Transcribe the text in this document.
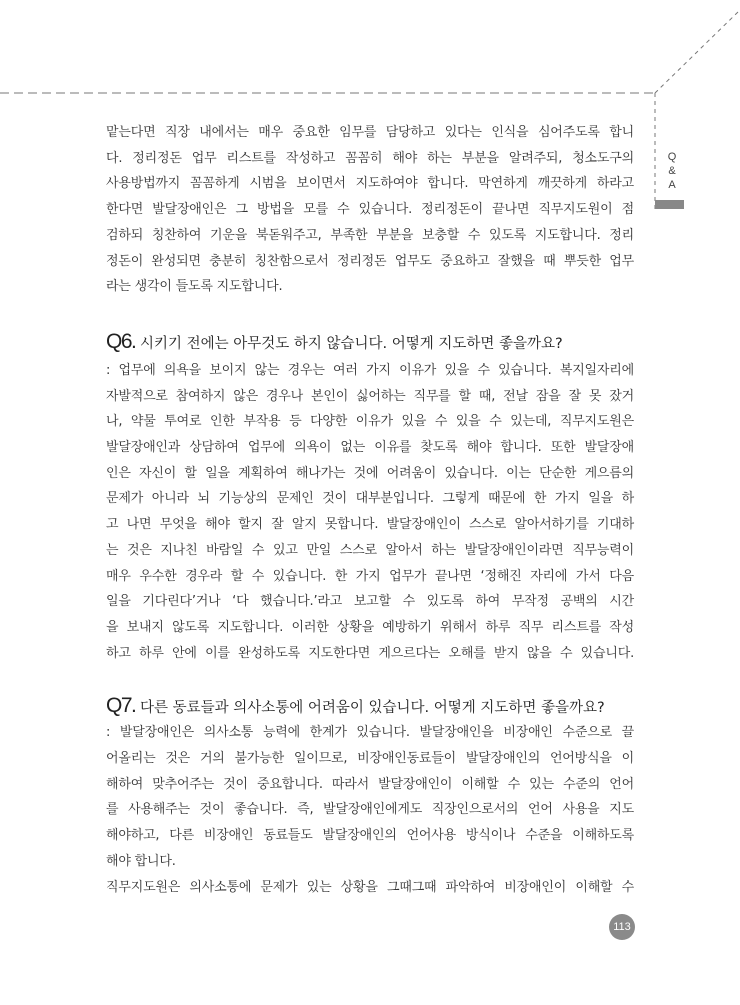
Q
&
A
맡는다면 직장 내에서는 매우 중요한 임무를 담당하고 있다는 인식을 심어주도록 합니
다. 정리정돈 업무 리스트를 작성하고 꼼꼼히 해야 하는 부분을 알려주되, 청소도구의
사용방법까지 꼼꼼하게 시범을 보이면서 지도하여야 합니다. 막연하게 깨끗하게 하라고
한다면 발달장애인은 그 방법을 모를 수 있습니다. 정리정돈이 끝나면 직무지도원이 점
검하되 칭찬하여 기운을 북돋워주고, 부족한 부분을 보충할 수 있도록 지도합니다. 정리
정돈이 완성되면 충분히 칭찬함으로서 정리정돈 업무도 중요하고 잘했을 때 뿌듯한 업무
라는 생각이 들도록 지도합니다.
Q6. 시키기 전에는 아무것도 하지 않습니다. 어떻게 지도하면 좋을까요?
: 업무에 의욕을 보이지 않는 경우는 여러 가지 이유가 있을 수 있습니다. 복지일자리에
자발적으로 참여하지 않은 경우나 본인이 싫어하는 직무를 할 때, 전날 잠을 잘 못 잤거
나, 약물 투여로 인한 부작용 등 다양한 이유가 있을 수 있을 수 있는데, 직무지도원은
발달장애인과 상담하여 업무에 의욕이 없는 이유를 찾도록 해야 합니다. 또한 발달장애
인은 자신이 할 일을 계획하여 해나가는 것에 어려움이 있습니다. 이는 단순한 게으름의
문제가 아니라 뇌 기능상의 문제인 것이 대부분입니다. 그렇게 때문에 한 가지 일을 하
고 나면 무엇을 해야 할지 잘 알지 못합니다. 발달장애인이 스스로 알아서하기를 기대하
는 것은 지나친 바람일 수 있고 만일 스스로 알아서 하는 발달장애인이라면 직무능력이
매우 우수한 경우라 할 수 있습니다. 한 가지 업무가 끝나면 ‘정해진 자리에 가서 다음
일을 기다린다’거나 ‘다 했습니다.’라고 보고할 수 있도록 하여 무작정 공백의 시간
을 보내지 않도록 지도합니다. 이러한 상황을 예방하기 위해서 하루 직무 리스트를 작성
하고 하루 안에 이를 완성하도록 지도한다면 게으르다는 오해를 받지 않을 수 있습니다.
Q7. 다른 동료들과 의사소통에 어려움이 있습니다. 어떻게 지도하면 좋을까요?
: 발달장애인은 의사소통 능력에 한계가 있습니다. 발달장애인을 비장애인 수준으로 끌
어올리는 것은 거의 불가능한 일이므로, 비장애인동료들이 발달장애인의 언어방식을 이
해하여 맞추어주는 것이 중요합니다. 따라서 발달장애인이 이해할 수 있는 수준의 언어
를 사용해주는 것이 좋습니다. 즉, 발달장애인에게도 직장인으로서의 언어 사용을 지도
해야하고, 다른 비장애인 동료들도 발달장애인의 언어사용 방식이나 수준을 이해하도록
해야 합니다.
직무지도원은 의사소통에 문제가 있는 상황을 그때그때 파악하여 비장애인이 이해할 수
113
